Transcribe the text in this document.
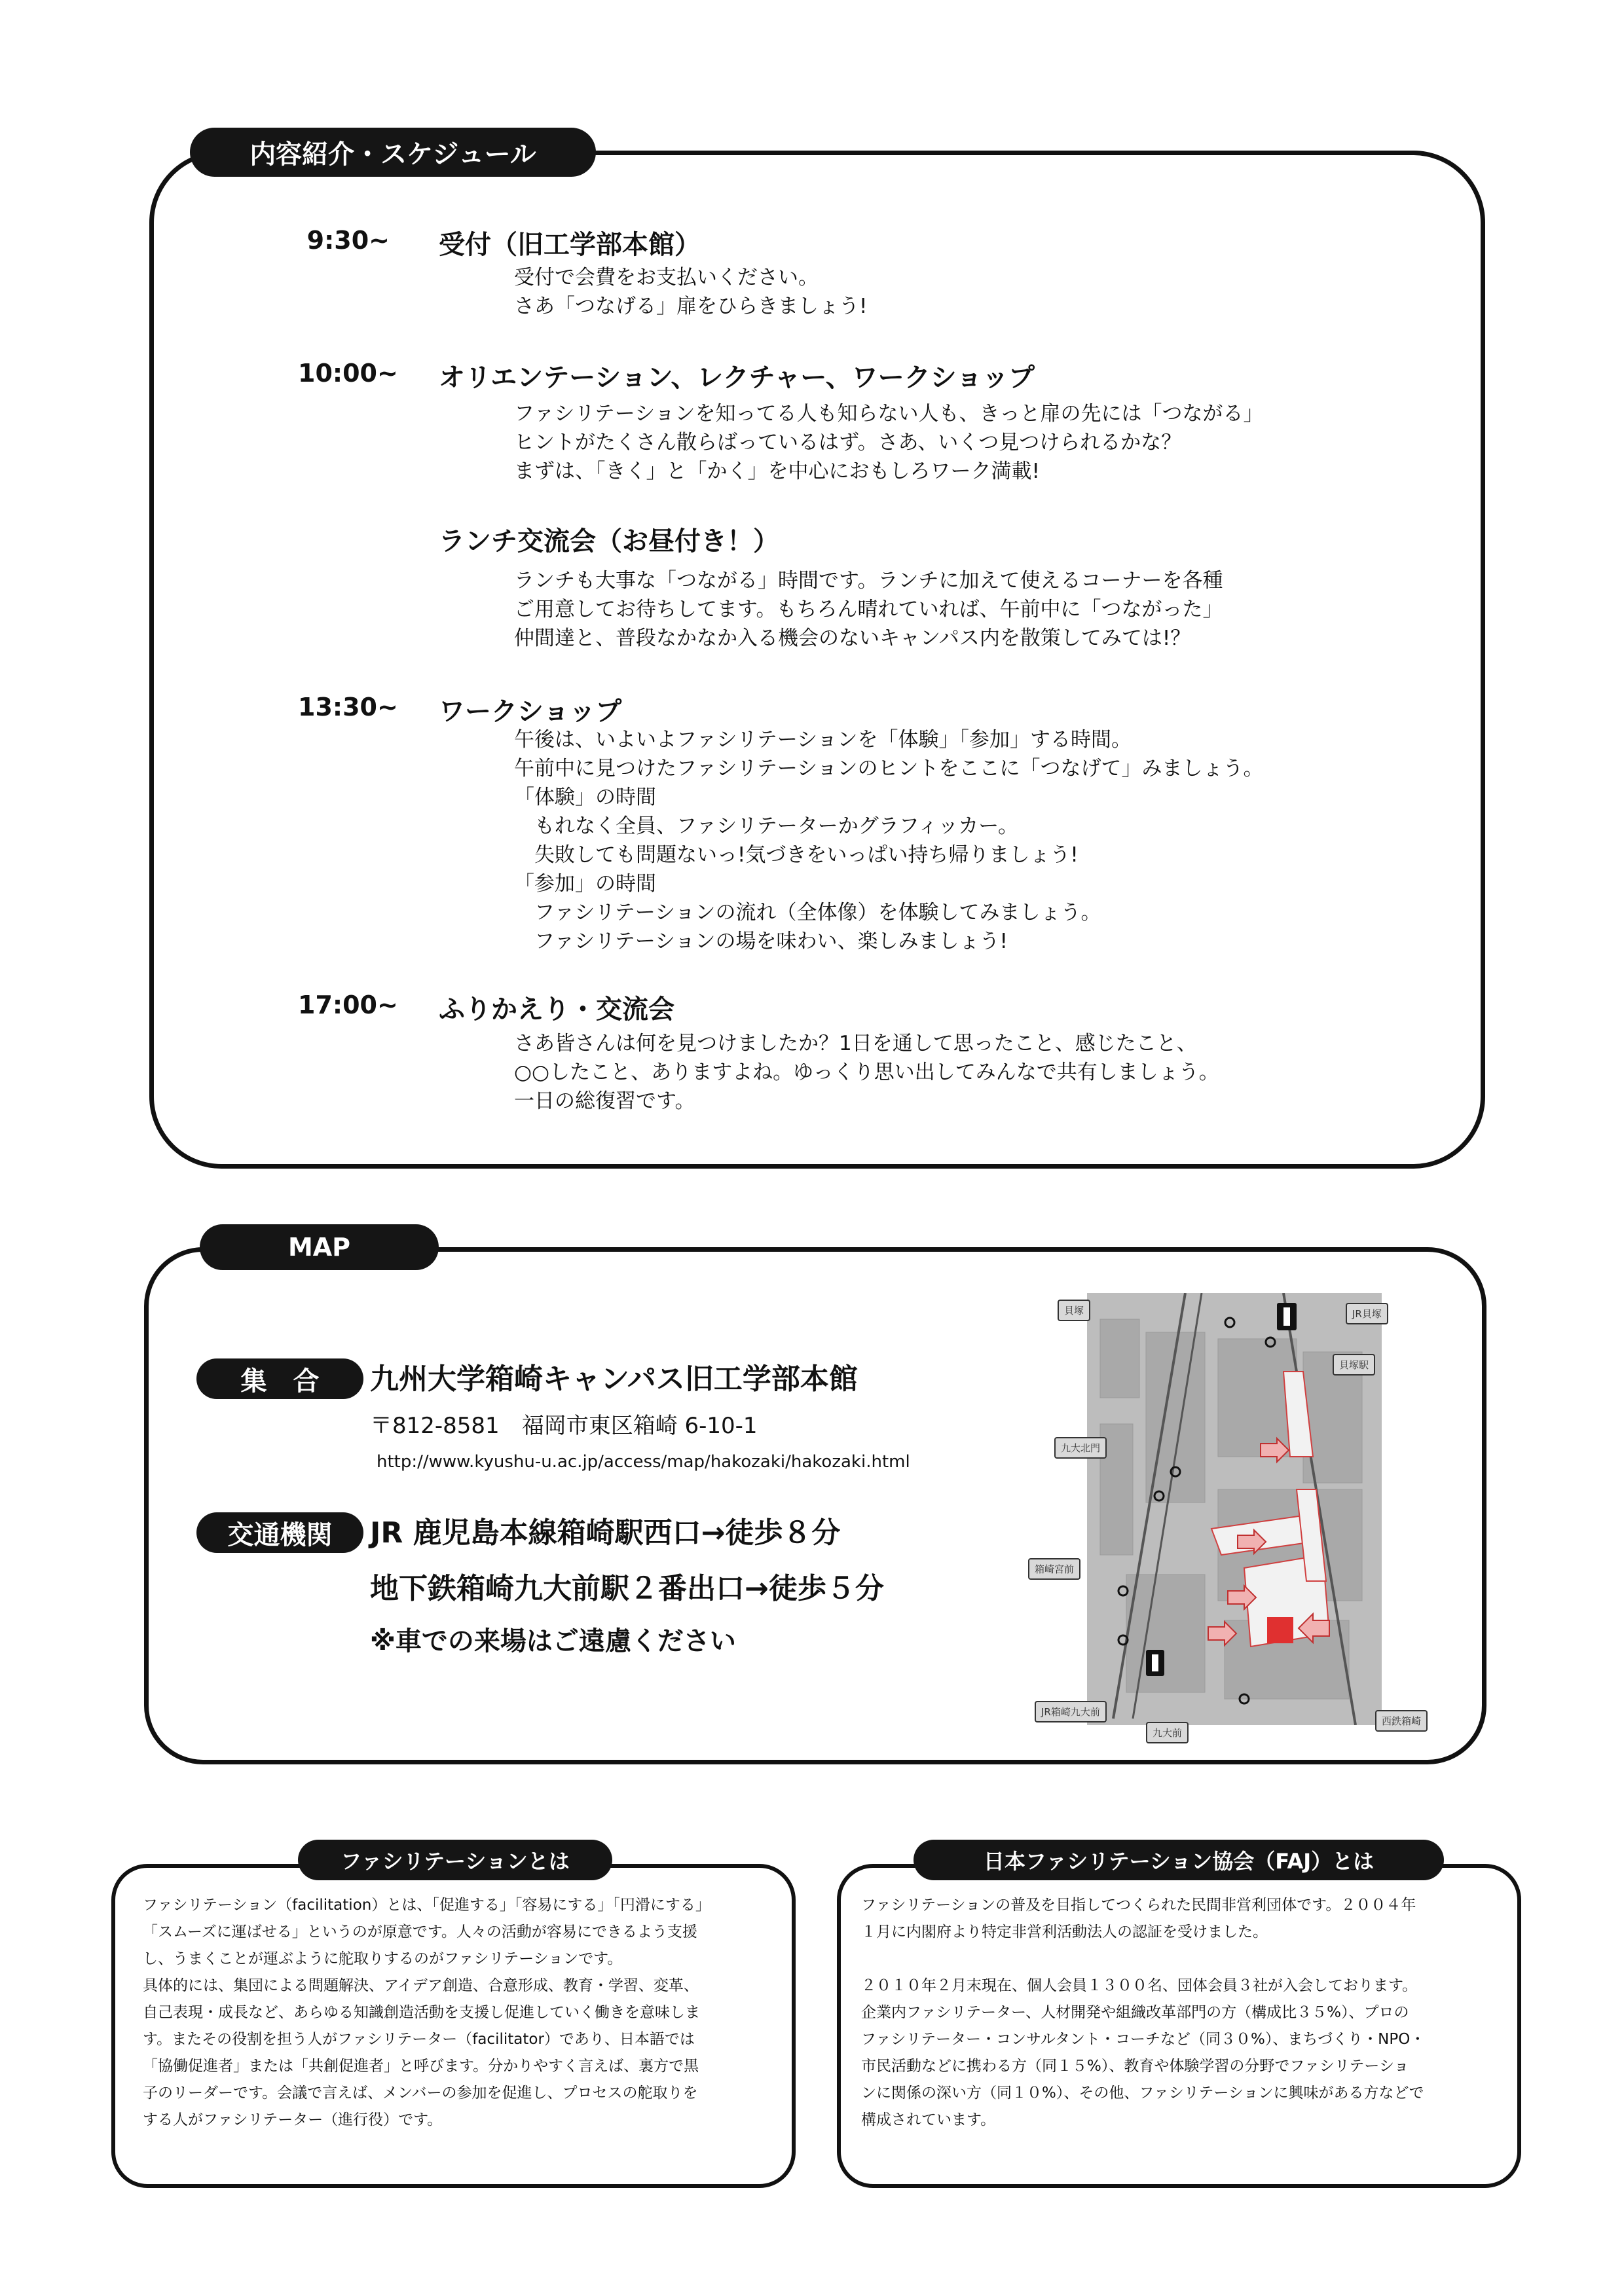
内容紹介・スケジュール
9:30~ 受付（旧工学部本館）
受付で会費をお支払いください。
さあ「つなげる」扉をひらきましょう!
10:00~ オリエンテーション、レクチャー、ワークショップ
ファシリテーションを知ってる人も知らない人も、きっと扉の先には「つながる」
ヒントがたくさん散らばっているはず。さあ、いくつ見つけられるかな？
まずは、「きく」と「かく」を中心におもしろワーク満載!
ランチ交流会（お昼付き！）
ランチも大事な「つながる」時間です。ランチに加えて使えるコーナーを各種
ご用意してお待ちしてます。もちろん晴れていれば、午前中に「つながった」
仲間達と、普段なかなか入る機会のないキャンパス内を散策してみては!？
13:30~ ワークショップ
午後は、いよいよファシリテーションを「体験」「参加」する時間。
午前中に見つけたファシリテーションのヒントをここに「つなげて」みましょう。
「体験」の時間
　もれなく全員、ファシリテーターかグラフィッカー。
　失敗しても問題ないっ!気づきをいっぱい持ち帰りましょう!
「参加」の時間
　ファシリテーションの流れ（全体像）を体験してみましょう。
　ファシリテーションの場を味わい、楽しみましょう!
17:00~ ふりかえり・交流会
さあ皆さんは何を見つけましたか？1日を通して思ったこと、感じたこと、
○○したこと、ありますよね。ゆっくり思い出してみんなで共有しましょう。
一日の総復習です。
MAP
集　合	九州大学箱崎キャンパス旧工学部本館
〒812-8581　福岡市東区箱崎 6-10-1
http://www.kyushu-u.ac.jp/access/map/hakozaki/hakozaki.html
交通機関	JR 鹿児島本線箱崎駅西口→徒歩８分
地下鉄箱崎九大前駅２番出口→徒歩５分
※車での来場はご遠慮ください
貝塚	JR貝塚
貝塚駅
九大北門
箱崎宮前
JR箱崎九大前
九大前
西鉄箱崎
ファシリテーションとは
ファシリテーション（facilitation）とは、「促進する」「容易にする」「円滑にする」
「スムーズに運ばせる」というのが原意です。人々の活動が容易にできるよう支援
し、うまくことが運ぶように舵取りするのがファシリテーションです。
具体的には、集団による問題解決、アイデア創造、合意形成、教育・学習、変革、
自己表現・成長など、あらゆる知識創造活動を支援し促進していく働きを意味しま
す。またその役割を担う人がファシリテーター（facilitator）であり、日本語では
「協働促進者」または「共創促進者」と呼びます。分かりやすく言えば、裏方で黒
子のリーダーです。会議で言えば、メンバーの参加を促進し、プロセスの舵取りを
する人がファシリテーター（進行役）です。
日本ファシリテーション協会（FAJ）とは
ファシリテーションの普及を目指してつくられた民間非営利団体です。２００４年
１月に内閣府より特定非営利活動法人の認証を受けました。

２０１０年２月末現在、個人会員１３００名、団体会員３社が入会しております。
企業内ファシリテーター、人材開発や組織改革部門の方（構成比３５%）、プロの
ファシリテーター・コンサルタント・コーチなど（同３０%）、まちづくり・NPO・
市民活動などに携わる方（同１５%）、教育や体験学習の分野でファシリテーショ
ンに関係の深い方（同１０%）、その他、ファシリテーションに興味がある方などで
構成されています。
